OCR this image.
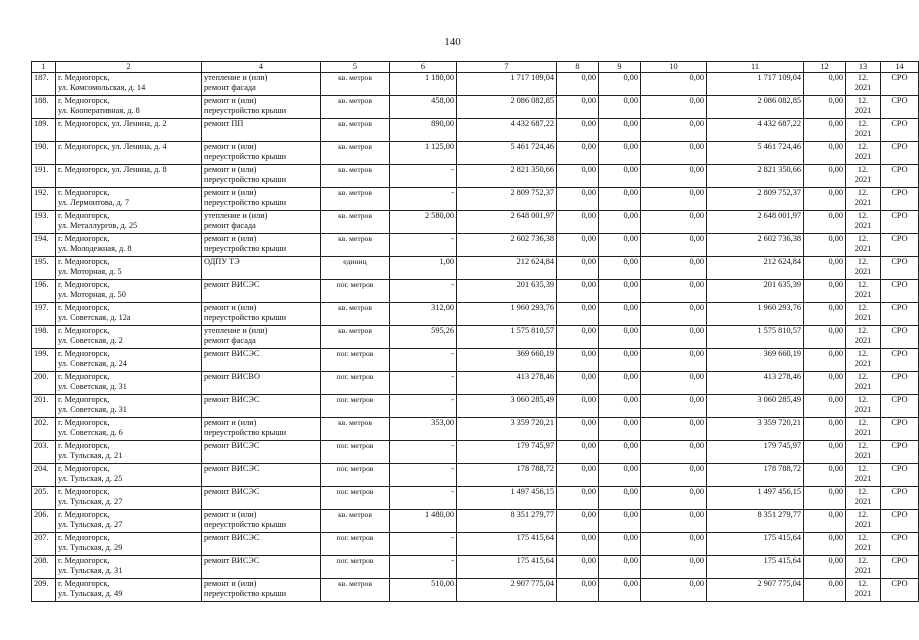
140
1	2	4	5	6	7	8	9	10	11	12	13	14
187.	г. Медногорск,
ул. Комсомольская, д. 14	утепление и (или)
ремонт фасада	кв. метров	1 180,00	1 717 109,04	0,00	0,00	0,00	1 717 109,04	0,00	12.
2021	СРО
188.	г. Медногорск,
ул. Кооперативная, д. 8	ремонт и (или)
переустройство крыши	кв. метров	458,00	2 086 082,85	0,00	0,00	0,00	2 086 082,85	0,00	12.
2021	СРО
189.	г. Медногорск, ул. Ленина, д. 2	ремонт ПП	кв. метров	890,00	4 432 687,22	0,00	0,00	0,00	4 432 687,22	0,00	12.
2021	СРО
190.	г. Медногорск, ул. Ленина, д. 4	ремонт и (или)
переустройство крыши	кв. метров	1 125,00	5 461 724,46	0,00	0,00	0,00	5 461 724,46	0,00	12.
2021	СРО
191.	г. Медногорск, ул. Ленина, д. 8	ремонт и (или)
переустройство крыши	кв. метров	-	2 821 350,66	0,00	0,00	0,00	2 821 350,66	0,00	12.
2021	СРО
192.	г. Медногорск,
ул. Лермонтова, д. 7	ремонт и (или)
переустройство крыши	кв. метров	-	2 809 752,37	0,00	0,00	0,00	2 809 752,37	0,00	12.
2021	СРО
193.	г. Медногорск,
ул. Металлургов, д. 25	утепление и (или)
ремонт фасада	кв. метров	2 580,00	2 648 001,97	0,00	0,00	0,00	2 648 001,97	0,00	12.
2021	СРО
194.	г. Медногорск,
ул. Молодежная, д. 8	ремонт и (или)
переустройство крыши	кв. метров	-	2 602 736,38	0,00	0,00	0,00	2 602 736,38	0,00	12.
2021	СРО
195.	г. Медногорск,
ул. Моторная, д. 5	ОДПУ ТЭ	единиц	1,00	212 624,84	0,00	0,00	0,00	212 624,84	0,00	12.
2021	СРО
196.	г. Медногорск,
ул. Моторная, д. 50	ремонт ВИСЭС	пог. метров	-	201 635,39	0,00	0,00	0,00	201 635,39	0,00	12.
2021	СРО
197.	г. Медногорск,
ул. Советская, д. 12а	ремонт и (или)
переустройство крыши	кв. метров	312,00	1 960 293,76	0,00	0,00	0,00	1 960 293,76	0,00	12.
2021	СРО
198.	г. Медногорск,
ул. Советская, д. 2	утепление и (или)
ремонт фасада	кв. метров	595,26	1 575 810,57	0,00	0,00	0,00	1 575 810,57	0,00	12.
2021	СРО
199.	г. Медногорск,
ул. Советская, д. 24	ремонт ВИСЭС	пог. метров	-	369 660,19	0,00	0,00	0,00	369 660,19	0,00	12.
2021	СРО
200.	г. Медногорск,
ул. Советская, д. 31	ремонт ВИСВО	пог. метров	-	413 278,46	0,00	0,00	0,00	413 278,46	0,00	12.
2021	СРО
201.	г. Медногорск,
ул. Советская, д. 31	ремонт ВИСЭС	пог. метров	-	3 060 285,49	0,00	0,00	0,00	3 060 285,49	0,00	12.
2021	СРО
202.	г. Медногорск,
ул. Советская, д. 6	ремонт и (или)
переустройство крыши	кв. метров	353,00	3 359 720,21	0,00	0,00	0,00	3 359 720,21	0,00	12.
2021	СРО
203.	г. Медногорск,
ул. Тульская, д. 21	ремонт ВИСЭС	пог. метров	-	179 745,97	0,00	0,00	0,00	179 745,97	0,00	12.
2021	СРО
204.	г. Медногорск,
ул. Тульская, д. 25	ремонт ВИСЭС	пог. метров	-	178 788,72	0,00	0,00	0,00	178 788,72	0,00	12.
2021	СРО
205.	г. Медногорск,
ул. Тульская, д. 27	ремонт ВИСЭС	пог. метров	-	1 497 456,15	0,00	0,00	0,00	1 497 456,15	0,00	12.
2021	СРО
206.	г. Медногорск,
ул. Тульская, д. 27	ремонт и (или)
переустройство крыши	кв. метров	1 480,00	8 351 279,77	0,00	0,00	0,00	8 351 279,77	0,00	12.
2021	СРО
207.	г. Медногорск,
ул. Тульская, д. 29	ремонт ВИСЭС	пог. метров	-	175 415,64	0,00	0,00	0,00	175 415,64	0,00	12.
2021	СРО
208.	г. Медногорск,
ул. Тульская, д. 31	ремонт ВИСЭС	пог. метров	-	175 415,64	0,00	0,00	0,00	175 415,64	0,00	12.
2021	СРО
209.	г. Медногорск,
ул. Тульская, д. 49	ремонт и (или)
переустройство крыши	кв. метров	510,00	2 907 775,04	0,00	0,00	0,00	2 907 775,04	0,00	12.
2021	СРО
